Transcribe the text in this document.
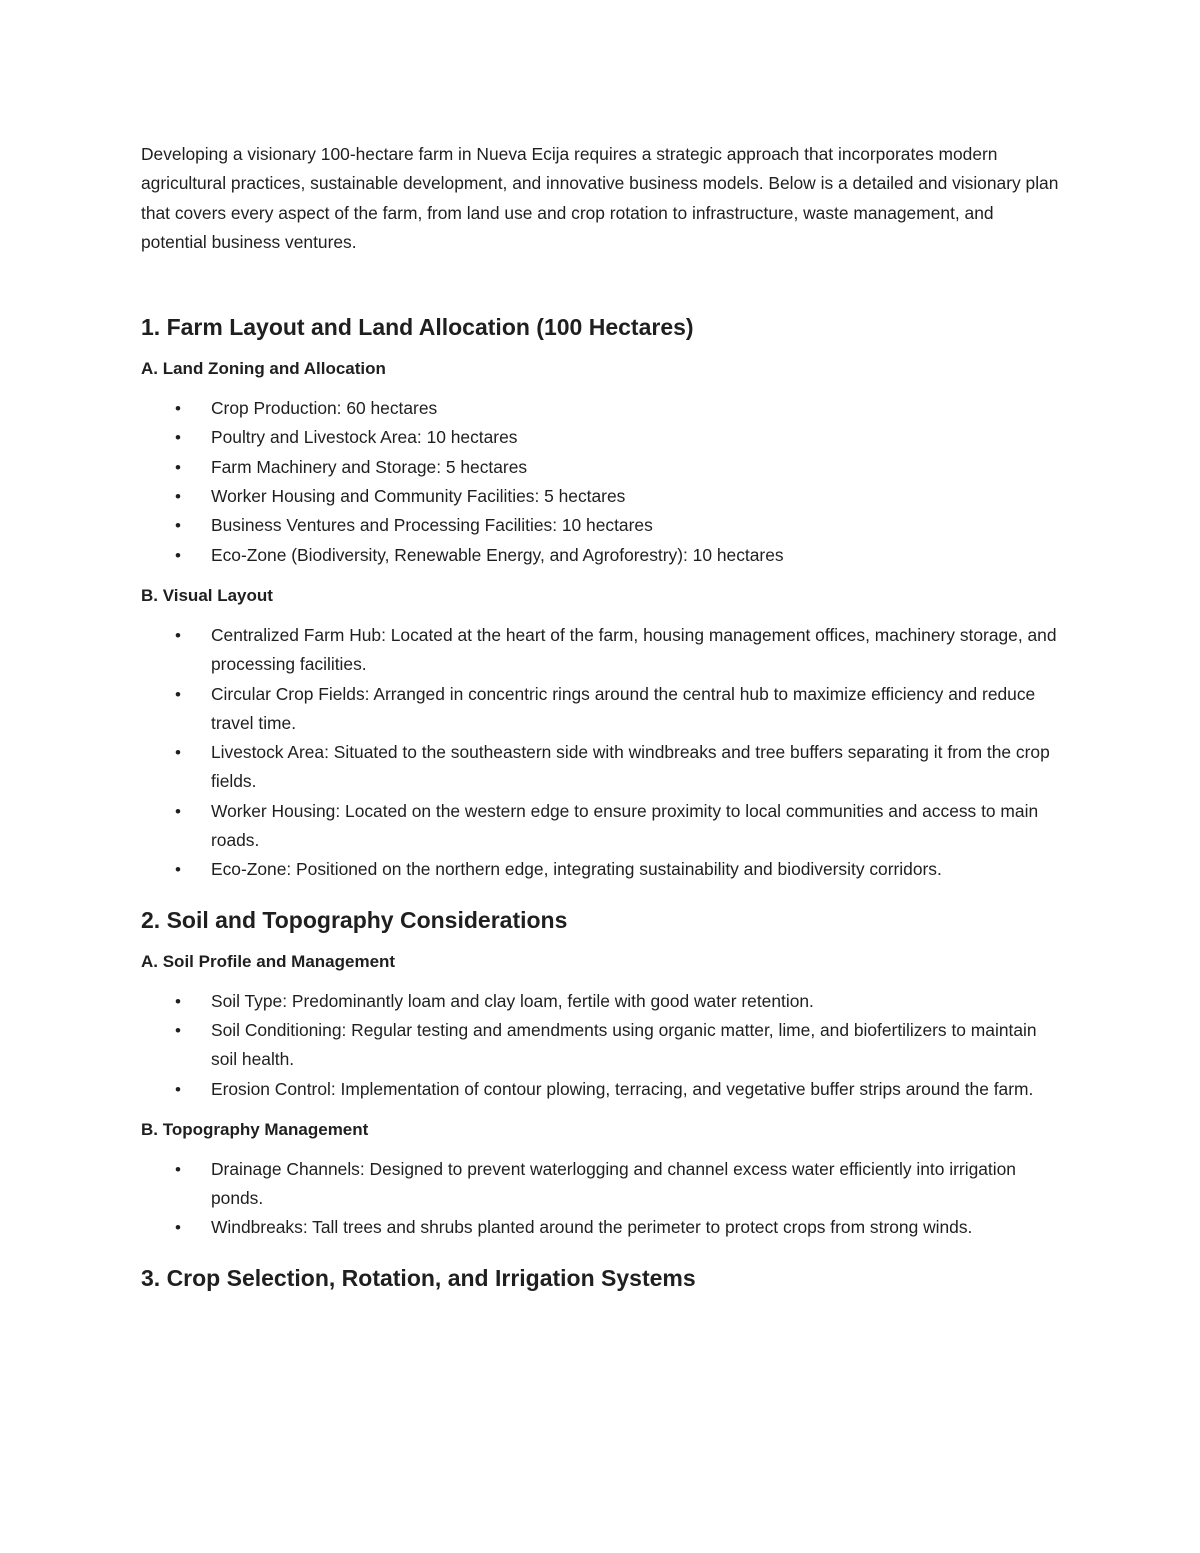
Developing a visionary 100-hectare farm in Nueva Ecija requires a strategic approach that incorporates modern agricultural practices, sustainable development, and innovative business models. Below is a detailed and visionary plan that covers every aspect of the farm, from land use and crop rotation to infrastructure, waste management, and potential business ventures.

1. Farm Layout and Land Allocation (100 Hectares)
A. Land Zoning and Allocation
• Crop Production: 60 hectares
• Poultry and Livestock Area: 10 hectares
• Farm Machinery and Storage: 5 hectares
• Worker Housing and Community Facilities: 5 hectares
• Business Ventures and Processing Facilities: 10 hectares
• Eco-Zone (Biodiversity, Renewable Energy, and Agroforestry): 10 hectares
B. Visual Layout
• Centralized Farm Hub: Located at the heart of the farm, housing management offices, machinery storage, and processing facilities.
• Circular Crop Fields: Arranged in concentric rings around the central hub to maximize efficiency and reduce travel time.
• Livestock Area: Situated to the southeastern side with windbreaks and tree buffers separating it from the crop fields.
• Worker Housing: Located on the western edge to ensure proximity to local communities and access to main roads.
• Eco-Zone: Positioned on the northern edge, integrating sustainability and biodiversity corridors.
2. Soil and Topography Considerations
A. Soil Profile and Management
• Soil Type: Predominantly loam and clay loam, fertile with good water retention.
• Soil Conditioning: Regular testing and amendments using organic matter, lime, and biofertilizers to maintain soil health.
• Erosion Control: Implementation of contour plowing, terracing, and vegetative buffer strips around the farm.
B. Topography Management
• Drainage Channels: Designed to prevent waterlogging and channel excess water efficiently into irrigation ponds.
• Windbreaks: Tall trees and shrubs planted around the perimeter to protect crops from strong winds.
3. Crop Selection, Rotation, and Irrigation Systems
